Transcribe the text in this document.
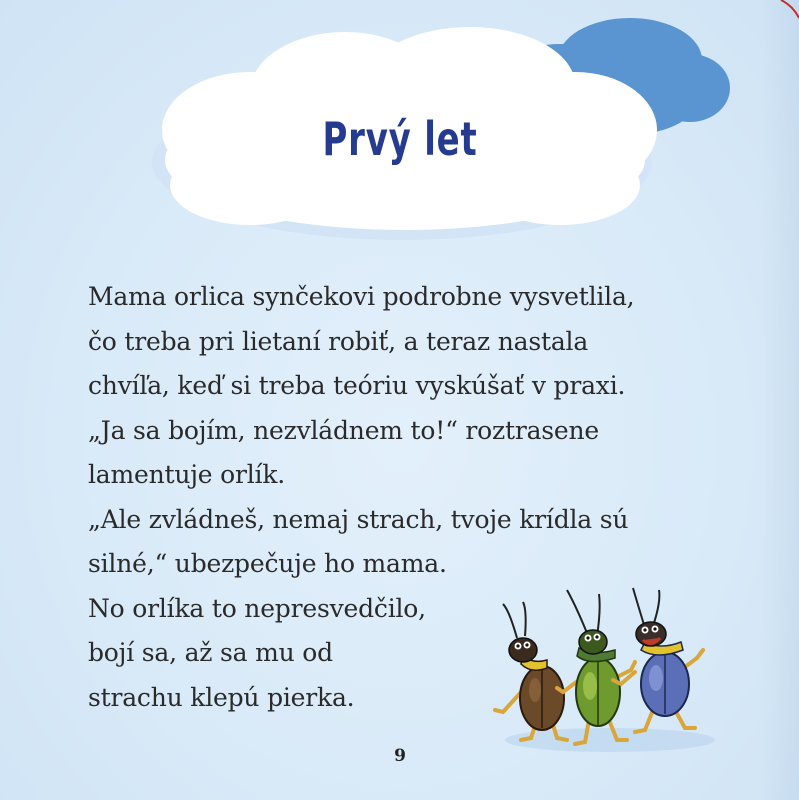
Prvý let
Mama orlica synčekovi podrobne vysvetlila,
čo treba pri lietaní robiť, a teraz nastala
chvíľa, keď si treba teóriu vyskúšať v praxi.
„Ja sa bojím, nezvládnem to!“ roztrasene
lamentuje orlík.
„Ale zvládneš, nemaj strach, tvoje krídla sú
silné,“ ubezpečuje ho mama.
No orlíka to nepresvedčilo,
bojí sa, až sa mu od
strachu klepú pierka.
9
